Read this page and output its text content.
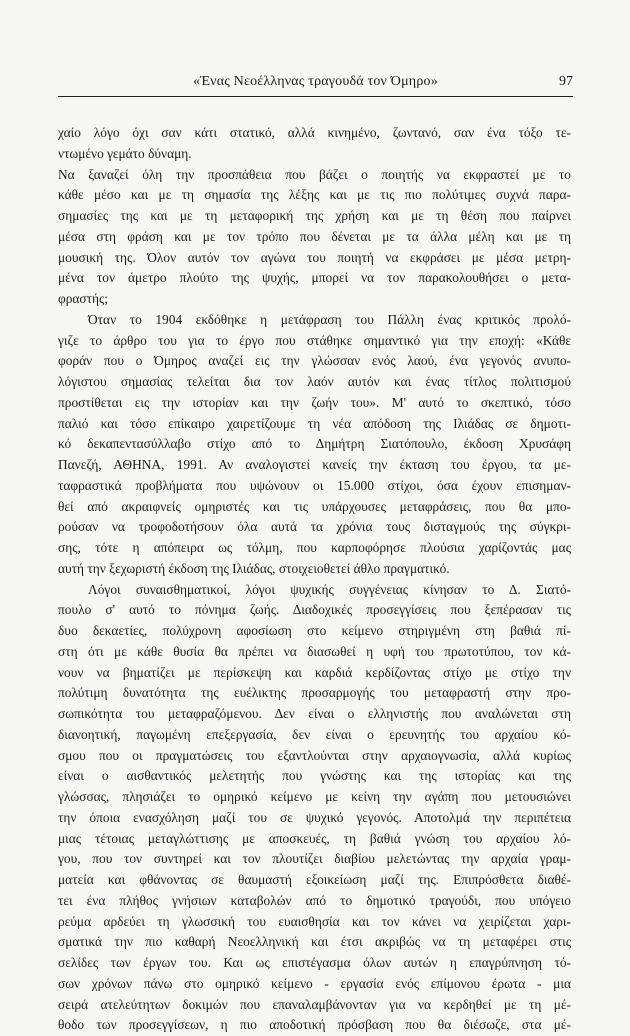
«Ένας Νεοέλληνας τραγουδά τον Όμηρο»	97
χαίο λόγο όχι σαν κάτι στατικό, αλλά κινημένο, ζωντανό, σαν ένα τόξο τε-
ντωμένο γεμάτο δύναμη.
Να ξαναζεί όλη την προσπάθεια που βάζει ο ποιητής να εκφραστεί με το
κάθε μέσο και με τη σημασία της λέξης και με τις πιο πολύτιμες συχνά παρα-
σημασίες της και με τη μεταφορική της χρήση και με τη θέση που παίρνει
μέσα στη φράση και με τον τρόπο που δένεται με τα άλλα μέλη και με τη
μουσική της. Όλον αυτόν τον αγώνα του ποιητή να εκφράσει με μέσα μετρη-
μένα τον άμετρο πλούτο της ψυχής, μπορεί να τον παρακολουθήσει ο μετα-
φραστής;
Όταν το 1904 εκδόθηκε η μετάφραση του Πάλλη ένας κριτικός προλό-
γιζε το άρθρο του για το έργο που στάθηκε σημαντικό για την εποχή: «Κάθε
φοράν που ο Όμηρος αναζεί εις την γλώσσαν ενός λαού, ένα γεγονός ανυπο-
λόγιστου σημασίας τελείται δια τον λαόν αυτόν και ένας τίτλος πολιτισμού
προστίθεται εις την ιστορίαν και την ζωήν του». Μ' αυτό το σκεπτικό, τόσο
παλιό και τόσο επίκαιρο χαιρετίζουμε τη νέα απόδοση της Ιλιάδας σε δημοτι-
κό δεκαπεντασύλλαβο στίχο από το Δημήτρη Σιατόπουλο, έκδοση Χρυσάφη
Πανεζή, ΑΘΗΝΑ, 1991. Αν αναλογιστεί κανείς την έκταση του έργου, τα με-
ταφραστικά προβλήματα που υψώνουν οι 15.000 στίχοι, όσα έχουν επισημαν-
θεί από ακραιφνείς ομηριστές και τις υπάρχουσες μεταφράσεις, που θα μπο-
ρούσαν να τροφοδοτήσουν όλα αυτά τα χρόνια τους δισταγμούς της σύγκρι-
σης, τότε η απόπειρα ως τόλμη, που καρποφόρησε πλούσια χαρίζοντάς μας
αυτή την ξεχωριστή έκδοση της Ιλιάδας, στοιχειοθετεί άθλο πραγματικό.
Λόγοι συναισθηματικοί, λόγοι ψυχικής συγγένειας κίνησαν το Δ. Σιατό-
πουλο σ' αυτό το πόνημα ζωής. Διαδοχικές προσεγγίσεις που ξεπέρασαν τις
δυο δεκαετίες, πολύχρονη αφοσίωση στο κείμενο στηριγμένη στη βαθιά πί-
στη ότι με κάθε θυσία θα πρέπει να διασωθεί η υφή του πρωτοτύπου, τον κά-
νουν να βηματίζει με περίσκεψη και καρδιά κερδίζοντας στίχο με στίχο την
πολύτιμη δυνατότητα της ευέλικτης προσαρμογής του μεταφραστή στην προ-
σωπικότητα του μεταφραζόμενου. Δεν είναι ο ελληνιστής που αναλώνεται στη
διανοητική, παγωμένη επεξεργασία, δεν είναι ο ερευνητής του αρχαίου κό-
σμου που οι πραγματώσεις του εξαντλούνται στην αρχαιογνωσία, αλλά κυρίως
είναι ο αισθαντικός μελετητής που γνώστης και της ιστορίας και της
γλώσσας, πλησιάζει το ομηρικό κείμενο με κείνη την αγάπη που μετουσιώνει
την όποια ενασχόληση μαζί του σε ψυχικό γεγονός. Αποτολμά την περιπέτεια
μιας τέτοιας μεταγλώττισης με αποσκευές, τη βαθιά γνώση του αρχαίου λό-
γου, που τον συντηρεί και τον πλουτίζει διαβίου μελετώντας την αρχαία γραμ-
ματεία και φθάνοντας σε θαυμαστή εξοικείωση μαζί της. Επιπρόσθετα διαθέ-
τει ένα πλήθος γνήσιων καταβολών από το δημοτικό τραγούδι, που υπόγειο
ρεύμα αρδεύει τη γλωσσική του ευαισθησία και τον κάνει να χειρίζεται χαρι-
σματικά την πιο καθαρή Νεοελληνική και έτσι ακριβώς να τη μεταφέρει στις
σελίδες των έργων του. Και ως επιστέγασμα όλων αυτών η επαγρύπνηση τό-
σων χρόνων πάνω στο ομηρικό κείμενο - εργασία ενός επίμονου έρωτα - μια
σειρά ατελεύτητων δοκιμών που επαναλαμβάνονταν για να κερδηθεί με τη μέ-
θοδο των προσεγγίσεων, η πιο αποδοτική πρόσβαση που θα διέσωζε, στα μέ-
